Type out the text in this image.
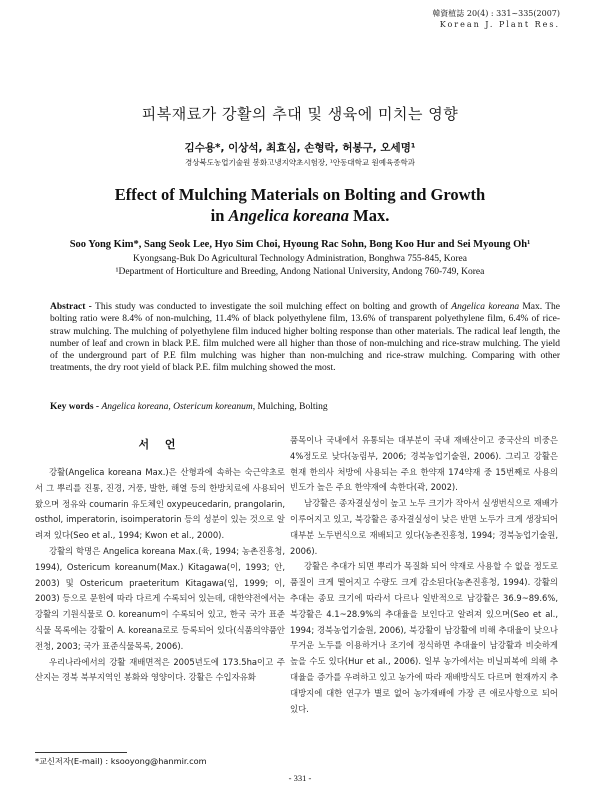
韓資植誌 20(4) : 331~335(2007)
Korean J. Plant Res.
피복재료가 강활의 추대 및 생육에 미치는 영향
김수용*, 이상석, 최효심, 손형락, 허봉구, 오세명¹
경상북도농업기술원 봉화고냉지약초시험장, ¹안동대학교 원예육종학과
Effect of Mulching Materials on Bolting and Growth
in Angelica koreana Max.
Soo Yong Kim*, Sang Seok Lee, Hyo Sim Choi, Hyoung Rac Sohn, Bong Koo Hur and Sei Myoung Oh¹
Kyongsang-Buk Do Agricultural Technology Administration, Bonghwa 755-845, Korea
¹Department of Horticulture and Breeding, Andong National University, Andong 760-749, Korea
Abstract - This study was conducted to investigate the soil mulching effect on bolting and growth of Angelica koreana Max. The bolting ratio were 8.4% of non-mulching, 11.4% of black polyethylene film, 13.6% of transparent polyethylene film, 6.4% of rice-straw mulching. The mulching of polyethylene film induced higher bolting response than other materials. The radical leaf length, the number of leaf and crown in black P.E. film mulched were all higher than those of non-mulching and rice-straw mulching. The yield of the underground part of P.E film mulching was higher than non-mulching and rice-straw mulching. Comparing with other treatments, the dry root yield of black P.E. film mulching showed the most.
Key words - Angelica koreana, Ostericum koreanum, Mulching, Bolting
서 언

강활(Angelica koreana Max.)은 산형과에 속하는 숙근약초로서 그 뿌리를 진통, 진경, 거풍, 발한, 해열 등의 한방치료에 사용되어 왔으며 정유와 coumarin 유도체인 oxypeucedarin, prangolarin, osthol, imperatorin, isoimperatorin 등의 성분이 있는 것으로 알려져 있다(Seo et al., 1994; Kwon et al., 2000).

강활의 학명은 Angelica koreana Max.(육, 1994; 농촌진흥청, 1994), Ostericum koreanum(Max.) Kitagawa(이, 1993; 안, 2003) 및 Ostericum praeteritum Kitagawa(임, 1999; 이, 2003) 등으로 문헌에 따라 다르게 수록되어 있는데, 대한약전에서는 강활의 기원식물로 O. koreanum이 수록되어 있고, 한국 국가 표준식물 목록에는 강활이 A. koreana로로 등록되어 있다(식품의약품안전청, 2003; 국가 표준식물목록, 2006).

우리나라에서의 강활 재배면적은 2005년도에 173.5ha이고 주산지는 경북 북부지역인 봉화와 영양이다. 강활은 수입자유화

품목이나 국내에서 유통되는 대부분이 국내 재배산이고 중국산의 비중은 4%정도로 낮다(농림부, 2006; 경북농업기술원, 2006). 그리고 강활은 현재 한의사 처방에 사용되는 주요 한약재 174약재 중 15번째로 사용의 빈도가 높은 주요 한약재에 속한다(곽, 2002).

남강활은 종자결실성이 높고 노두 크기가 작아서 실생번식으로 재배가 이루어지고 있고, 북강활은 종자결실성이 낮은 반면 노두가 크게 생장되어 대부분 노두번식으로 재배되고 있다(농촌진흥청, 1994; 경북농업기술원, 2006).

강활은 추대가 되면 뿌리가 목질화 되어 약재로 사용할 수 없을 정도로 품질이 크게 떨어지고 수량도 크게 감소된다(농촌진흥청, 1994). 강활의 추대는 종묘 크기에 따라서 다르나 일반적으로 남강활은 36.9~89.6%, 북강활은 4.1~28.9%의 추대율을 보인다고 알려져 있으며(Seo et al., 1994; 경북농업기술원, 2006), 북강활이 남강활에 비해 추대율이 낮으나 무거운 노두를 이용하거나 조기에 정식하면 추대율이 남강활과 비슷하게 높을 수도 있다(Hur et al., 2006). 일부 농가에서는 비닐피복에 의해 추대율을 증가를 우려하고 있고 농가에 따라 재배방식도 다르며 현재까지 추대방지에 대한 연구가 별로 없어 농가재배에 가장 큰 애로사항으로 되어 있다.

*교신저자(E-mail) : ksooyong@hanmir.com
- 331 -
